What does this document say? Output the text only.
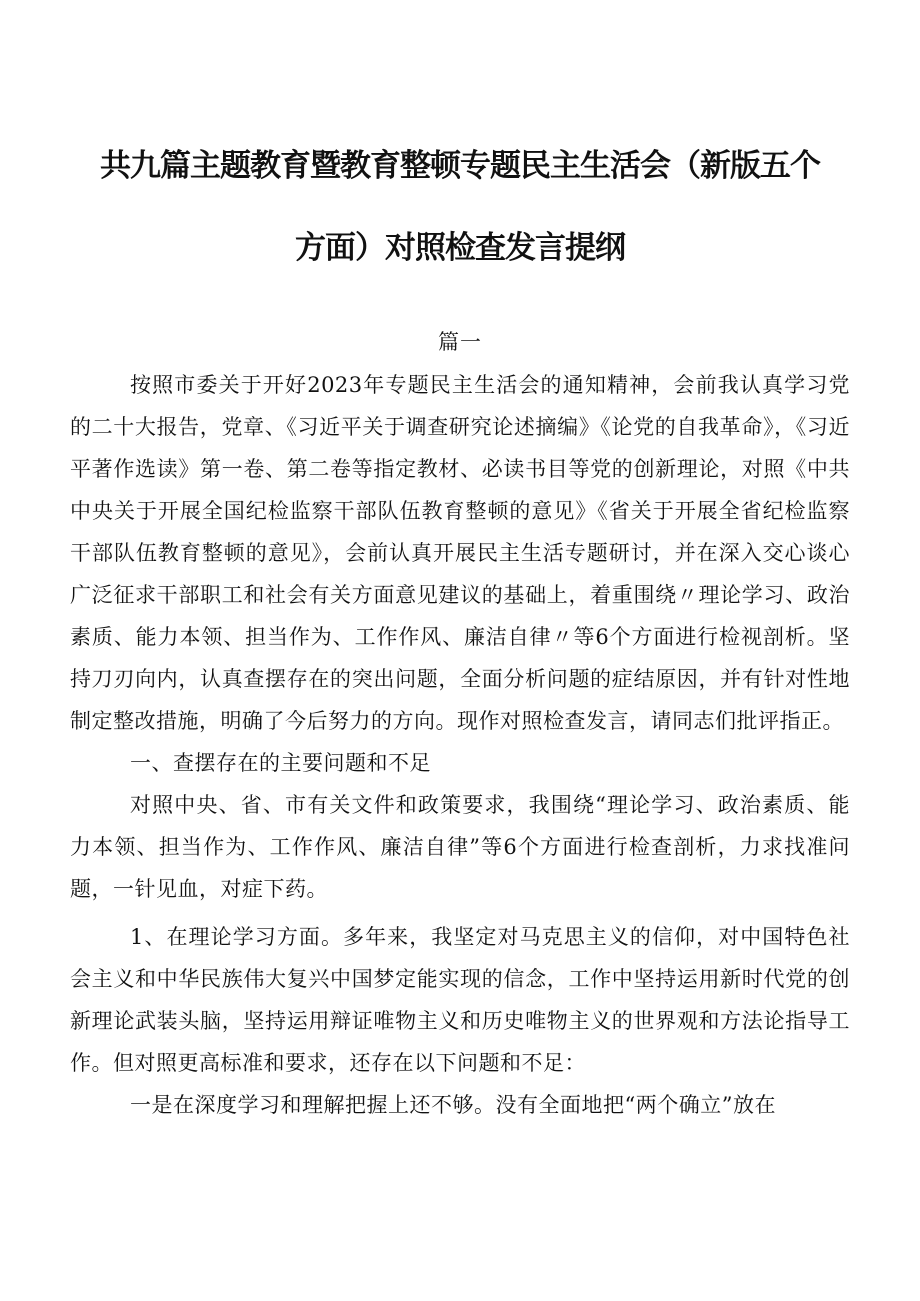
共九篇主题教育暨教育整顿专题民主生活会（新版五个
方面）对照检查发言提纲
篇一

按照市委关于开好2023年专题民主生活会的通知精神，会前我认真学习党的二十大报告，党章、《习近平关于调查研究论述摘编》《论党的自我革命》，《习近平著作选读》第一卷、第二卷等指定教材、必读书目等党的创新理论，对照《中共中央关于开展全国纪检监察干部队伍教育整顿的意见》《省关于开展全省纪检监察干部队伍教育整顿的意见》，会前认真开展民主生活专题研讨，并在深入交心谈心广泛征求干部职工和社会有关方面意见建议的基础上，着重围绕〃理论学习、政治素质、能力本领、担当作为、工作作风、廉洁自律〃等6个方面进行检视剖析。坚持刀刃向内，认真查摆存在的突出问题，全面分析问题的症结原因，并有针对性地制定整改措施，明确了今后努力的方向。现作对照检查发言，请同志们批评指正。

一、查摆存在的主要问题和不足

对照中央、省、市有关文件和政策要求，我围绕“理论学习、政治素质、能力本领、担当作为、工作作风、廉洁自律”等6个方面进行检查剖析，力求找准问题，一针见血，对症下药。

1、在理论学习方面。多年来，我坚定对马克思主义的信仰，对中国特色社会主义和中华民族伟大复兴中国梦定能实现的信念，工作中坚持运用新时代党的创新理论武装头脑，坚持运用辩证唯物主义和历史唯物主义的世界观和方法论指导工作。但对照更高标准和要求，还存在以下问题和不足：

一是在深度学习和理解把握上还不够。没有全面地把“两个确立”放在
